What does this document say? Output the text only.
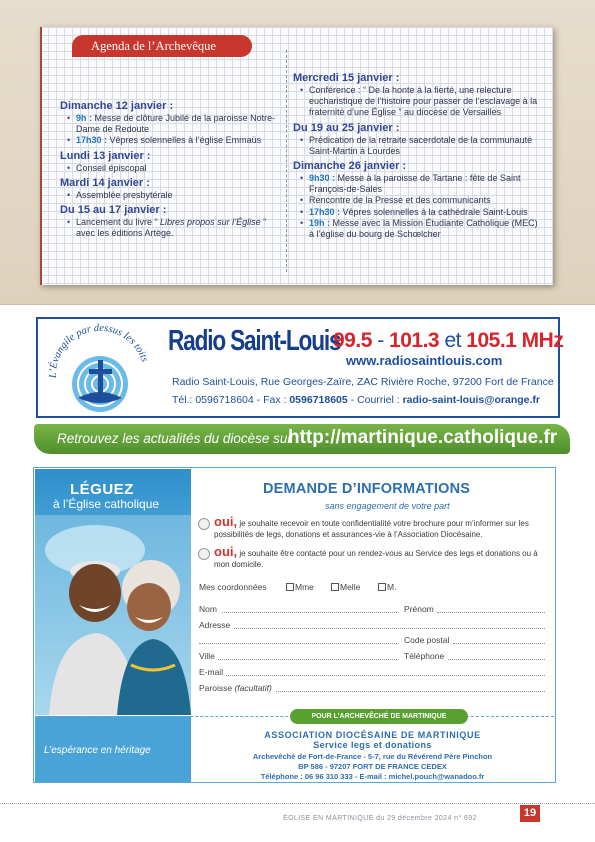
Agenda de l’Archevêque
Dimanche 12 janvier :
• 9h : Messe de clôture Jubilé de la paroisse Notre-Dame de Redoute
• 17h30 : Vêpres solennelles à l’église Emmaüs
Lundi 13 janvier :
• Conseil épiscopal
Mardi 14 janvier :
• Assemblée presbytérale
Du 15 au 17 janvier :
• Lancement du livre “ Libres propos sur l’Église ” avec les éditions Artège.
Mercredi 15 janvier :
• Conférence : “ De la honte à la fierté, une relecture eucharistique de l’histoire pour passer de l’esclavage à la fraternité d’une Église ” au diocèse de Versailles
Du 19 au 25 janvier :
• Prédication de la retraite sacerdotale de la communauté Saint-Martin à Lourdes
Dimanche 26 janvier :
• 9h30 : Messe à la paroisse de Tartane : fête de Saint François-de-Sales
• Rencontre de la Presse et des communicants
• 17h30 : Vêpres solennelles à la cathédrale Saint-Louis
• 19h : Messe avec la Mission Étudiante Catholique (MEC) à l’église du bourg de Schœlcher
L’Évangile par dessus les toits
Radio Saint-Louis
99.5 - 101.3 et 105.1 MHz
www.radiosaintlouis.com
Radio Saint-Louis, Rue Georges-Zaïre, ZAC Rivière Roche, 97200 Fort de France
Tél.: 0596718604 - Fax : 0596718605 - Courriel : radio-saint-louis@orange.fr
Retrouvez les actualités du diocèse sur :
http://martinique.catholique.fr
LÉGUEZ
à l’Église catholique
L’espérance en héritage
DEMANDE D’INFORMATIONS
sans engagement de votre part
oui, je souhaite recevoir en toute confidentialité votre brochure pour m’informer sur les possibilités de legs, donations et assurances-vie à l’Association Diocésaine.
oui, je souhaite être contacté pour un rendez-vous au Service des legs et donations ou à mon domicile.
Mes coordonnées	Mme	Melle	M.
Nom	Prénom
Adresse
Code postal
Ville	Téléphone
E-mail
Paroisse (facultatif)
POUR L’ARCHEVÊCHÉ DE MARTINIQUE
ASSOCIATION DIOCÉSAINE DE MARTINIQUE
Service legs et donations
Archevêché de Fort-de-France - 5-7, rue du Révérend Père Pinchon
BP 586 - 97207 FORT DE FRANCE CEDEX
Téléphone : 06 96 310 333 - E-mail : michel.pouch@wanadoo.fr
ÉGLISE EN MARTINIQUE du 29 décembre 2024 n° 692	19
